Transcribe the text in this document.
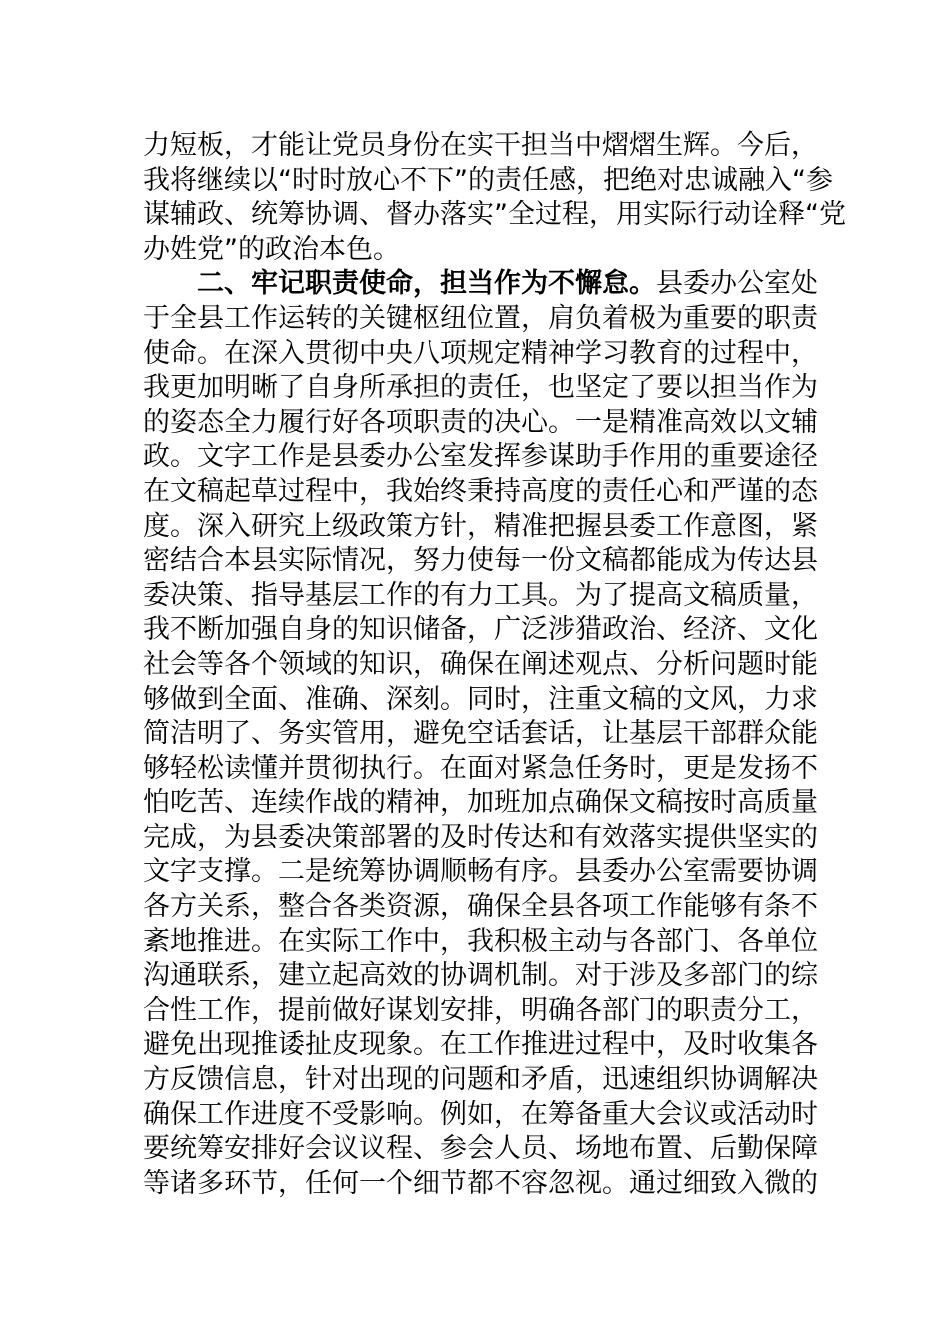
力短板，才能让党员身份在实干担当中熠熠生辉。今后，
我将继续以“时时放心不下”的责任感，把绝对忠诚融入“参
谋辅政、统筹协调、督办落实”全过程，用实际行动诠释“党
办姓党”的政治本色。
二、牢记职责使命，担当作为不懈怠。县委办公室处
于全县工作运转的关键枢纽位置，肩负着极为重要的职责
使命。在深入贯彻中央八项规定精神学习教育的过程中，
我更加明晰了自身所承担的责任，也坚定了要以担当作为
的姿态全力履行好各项职责的决心。一是精准高效以文辅
政。文字工作是县委办公室发挥参谋助手作用的重要途径
在文稿起草过程中，我始终秉持高度的责任心和严谨的态
度。深入研究上级政策方针，精准把握县委工作意图，紧
密结合本县实际情况，努力使每一份文稿都能成为传达县
委决策、指导基层工作的有力工具。为了提高文稿质量，
我不断加强自身的知识储备，广泛涉猎政治、经济、文化
社会等各个领域的知识，确保在阐述观点、分析问题时能
够做到全面、准确、深刻。同时，注重文稿的文风，力求
简洁明了、务实管用，避免空话套话，让基层干部群众能
够轻松读懂并贯彻执行。在面对紧急任务时，更是发扬不
怕吃苦、连续作战的精神，加班加点确保文稿按时高质量
完成，为县委决策部署的及时传达和有效落实提供坚实的
文字支撑。二是统筹协调顺畅有序。县委办公室需要协调
各方关系，整合各类资源，确保全县各项工作能够有条不
紊地推进。在实际工作中，我积极主动与各部门、各单位
沟通联系，建立起高效的协调机制。对于涉及多部门的综
合性工作，提前做好谋划安排，明确各部门的职责分工，
避免出现推诿扯皮现象。在工作推进过程中，及时收集各
方反馈信息，针对出现的问题和矛盾，迅速组织协调解决
确保工作进度不受影响。例如，在筹备重大会议或活动时
要统筹安排好会议议程、参会人员、场地布置、后勤保障
等诸多环节，任何一个细节都不容忽视。通过细致入微的
